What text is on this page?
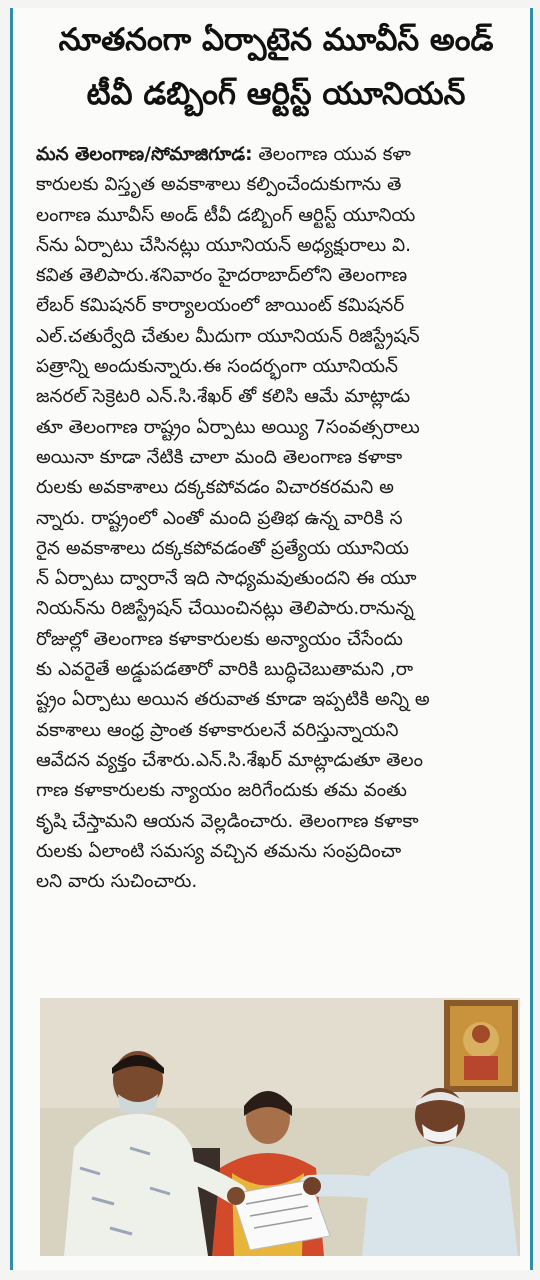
నూతనంగా ఏర్పాటైన మూవీస్ అండ్
టీవీ డబ్బింగ్ ఆర్టిస్ట్ యూనియన్
మన తెలంగాణ/సోమాజిగూడ: తెలంగాణ యువ కళా
కారులకు విస్తృత అవకాశాలు కల్పించేందుకుగాను తె
లంగాణ మూవీస్ అండ్ టీవీ డబ్బింగ్ ఆర్టిస్ట్ యూనియ
న్‌ను ఏర్పాటు చేసినట్లు యూనియన్ అధ్యక్షురాలు వి.
కవిత తెలిపారు.శనివారం హైదరాబాద్‌లోని తెలంగాణ
లేబర్ కమిషనర్ కార్యాలయంలో జాయింట్ కమిషనర్
ఎల్.చతుర్వేది చేతుల మీదుగా యూనియన్ రిజిస్ట్రేషన్
పత్రాన్ని అందుకున్నారు.ఈ సందర్భంగా యూనియన్
జనరల్ సెక్రెటరి ఎన్.సి.శేఖర్ తో కలిసి ఆమే మాట్లాడు
తూ తెలంగాణ రాష్ట్రం ఏర్పాటు అయ్యి 7సంవత్సరాలు
అయినా కూడా నేటికి చాలా మంది తెలంగాణ కళాకా
రులకు అవకాశాలు దక్కకపోవడం విచారకరమని అ
న్నారు. రాష్ట్రంలో ఎంతో మంది ప్రతిభ ఉన్న వారికి స
రైన అవకాశాలు దక్కకపోవడంతో ప్రత్యేయ యూనియ
న్ ఏర్పాటు ద్వారానే ఇది సాధ్యమవుతుందని ఈ యూ
నియన్‌ను రిజిస్ట్రేషన్ చేయించినట్లు తెలిపారు.రానున్న
రోజుల్లో తెలంగాణ కళాకారులకు అన్యాయం చేసేందు
కు ఎవరైతే అడ్డుపడతారో వారికి బుద్ధిచెబుతామని ,రా
ష్ట్రం ఏర్పాటు అయిన తరువాత కూడా ఇప్పటికి అన్ని అ
వకాశాలు ఆంధ్ర ప్రాంత కళాకారులనే వరిస్తున్నాయని
ఆవేదన వ్యక్తం చేశారు.ఎన్.సి.శేఖర్ మాట్లాడుతూ తెలం
గాణ కళాకారులకు న్యాయం జరిగేందుకు తమ వంతు
కృషి చేస్తామని ఆయన వెల్లడించారు. తెలంగాణ కళాకా
రులకు ఏలాంటి సమస్య వచ్చిన తమను సంప్రదించా
లని వారు సుచించారు.
